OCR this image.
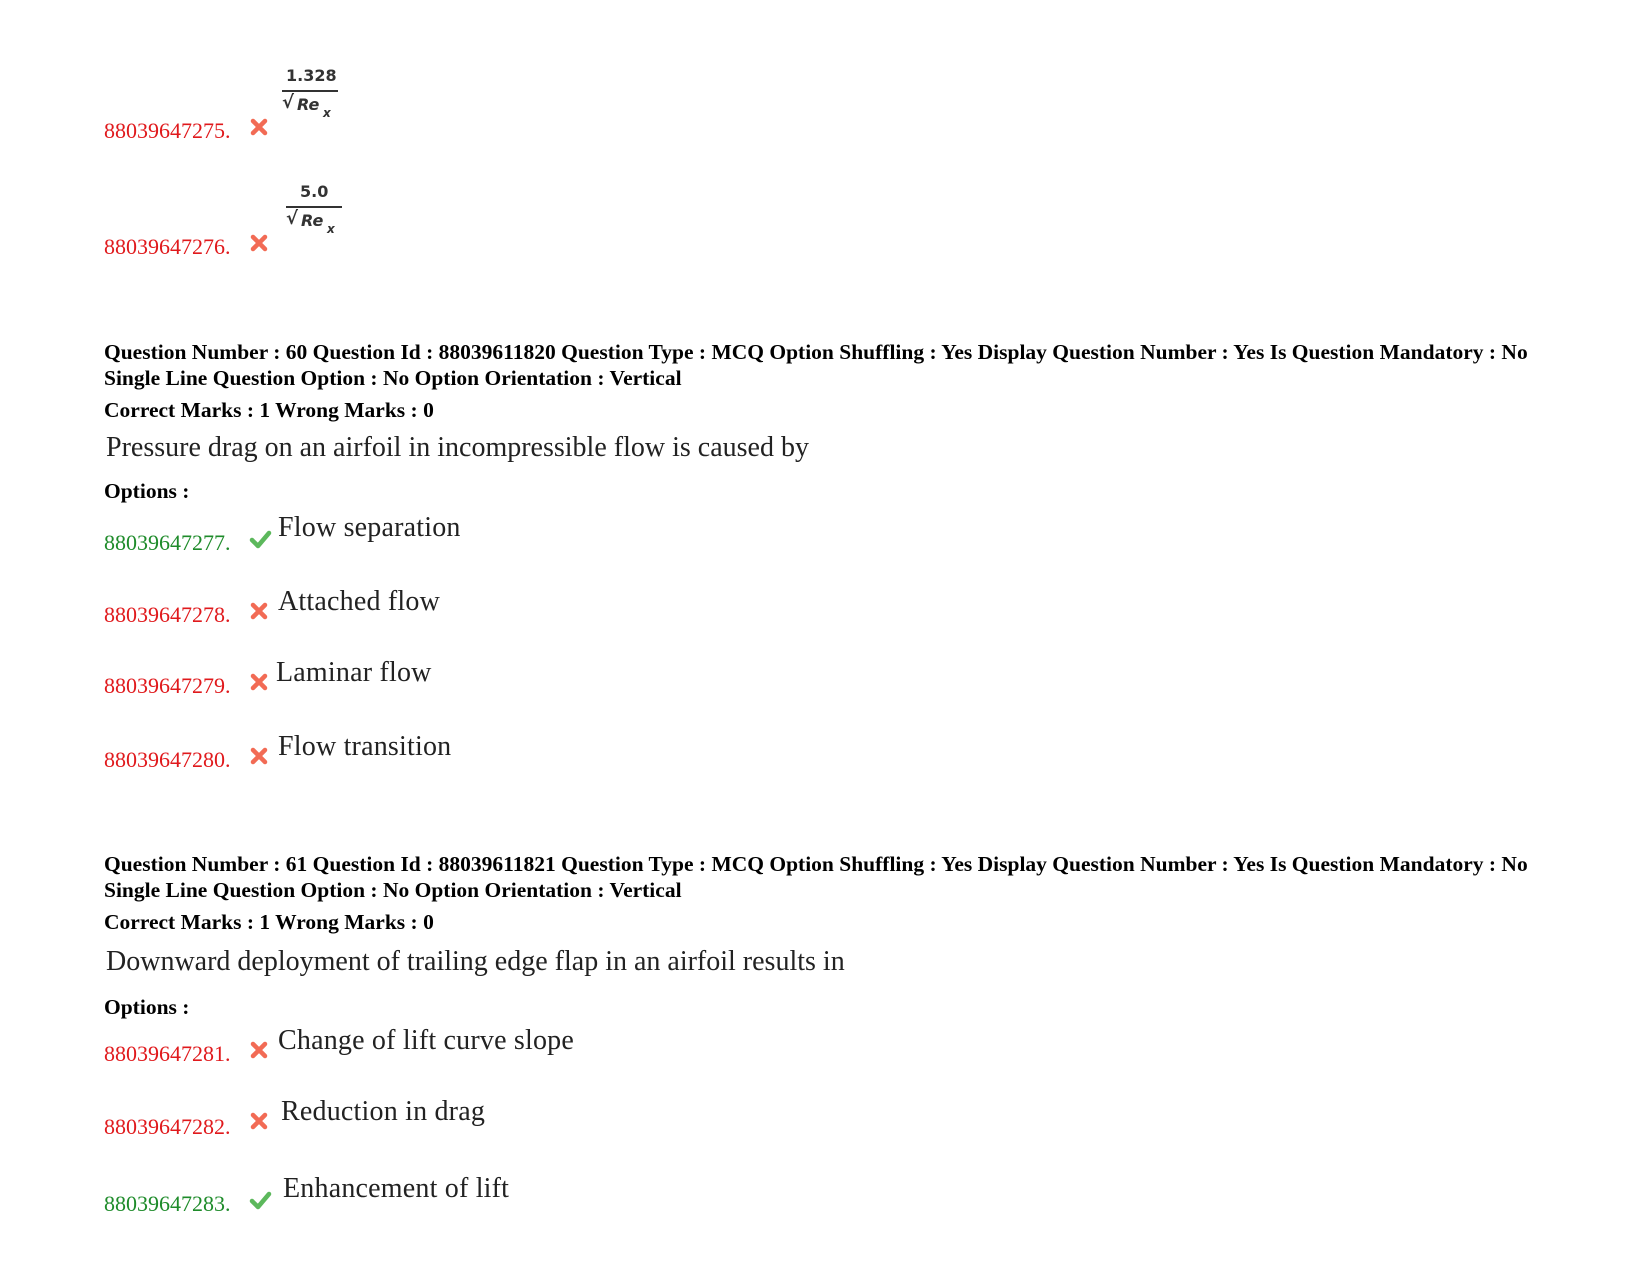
88039647275.
1.328
√ Re x
88039647276.
5.0
√ Re x
Question Number : 60 Question Id : 88039611820 Question Type : MCQ Option Shuffling : Yes Display Question Number : Yes Is Question Mandatory : No Single Line Question Option : No Option Orientation : Vertical
Correct Marks : 1 Wrong Marks : 0
Pressure drag on an airfoil in incompressible flow is caused by
Options :
88039647277. Flow separation
88039647278. Attached flow
88039647279. Laminar flow
88039647280. Flow transition
Question Number : 61 Question Id : 88039611821 Question Type : MCQ Option Shuffling : Yes Display Question Number : Yes Is Question Mandatory : No Single Line Question Option : No Option Orientation : Vertical
Correct Marks : 1 Wrong Marks : 0
Downward deployment of trailing edge flap in an airfoil results in
Options :
88039647281. Change of lift curve slope
88039647282. Reduction in drag
88039647283. Enhancement of lift
